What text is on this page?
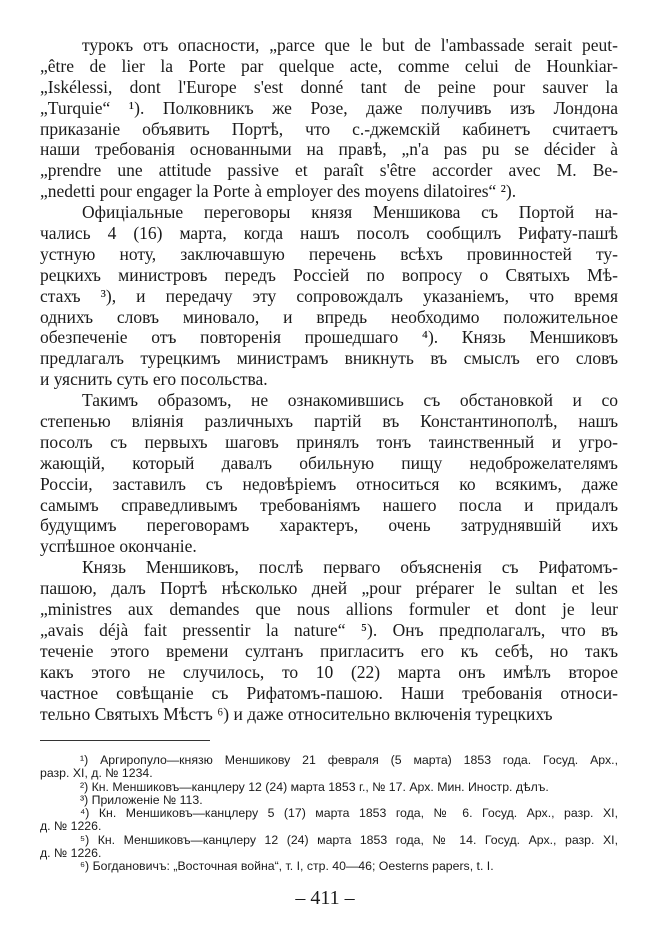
турокъ отъ опасности, „parce que le but de l'ambassade serait peut-
„être de lier la Porte par quelque acte, comme celui de Hounkiar-
„Iskélessi, dont l'Europe s'est donné tant de peine pour sauver la
„Turquie“ ¹). Полковникъ же Розе, даже получивъ изъ Лондона
приказаніе объявить Портѣ, что с.-джемскій кабинетъ считаетъ
наши требованія основанными на правѣ, „n'a pas pu se décider à
„prendre une attitude passive et paraît s'être accorder avec M. Be-
„nedetti pour engager la Porte à employer des moyens dilatoires“ ²).
Офиціальные переговоры князя Меншикова съ Портой на-
чались 4 (16) марта, когда нашъ посолъ сообщилъ Рифату-пашѣ
устную ноту, заключавшую перечень всѣхъ провинностей ту-
рецкихъ министровъ передъ Россіей по вопросу о Святыхъ Мѣ-
стахъ ³), и передачу эту сопровождалъ указаніемъ, что время
однихъ словъ миновало, и впредь необходимо положительное
обезпеченіе отъ повторенія прошедшаго ⁴). Князь Меншиковъ
предлагалъ турецкимъ министрамъ вникнуть въ смыслъ его словъ
и уяснить суть его посольства.
Такимъ образомъ, не ознакомившись съ обстановкой и со
степенью вліянія различныхъ партій въ Константинополѣ, нашъ
посолъ съ первыхъ шаговъ принялъ тонъ таинственный и угро-
жающій, который давалъ обильную пищу недоброжелателямъ
Россіи, заставилъ съ недовѣріемъ относиться ко всякимъ, даже
самымъ справедливымъ требованіямъ нашего посла и придалъ
будущимъ переговорамъ характеръ, очень затруднявшій ихъ
успѣшное окончаніе.
Князь Меншиковъ, послѣ перваго объясненія съ Рифатомъ-
пашою, далъ Портѣ нѣсколько дней „pour préparer le sultan et les
„ministres aux demandes que nous allions formuler et dont je leur
„avais déjà fait pressentir la nature“ ⁵). Онъ предполагалъ, что въ
теченіе этого времени султанъ пригласитъ его къ себѣ, но такъ
какъ этого не случилось, то 10 (22) марта онъ имѣлъ второе
частное совѣщаніе съ Рифатомъ-пашою. Наши требованія относи-
тельно Святыхъ Мѣстъ ⁶) и даже относительно включенія турецкихъ
¹) Аргиропуло—князю Меншикову 21 февраля (5 марта) 1853 года. Госуд. Арх.,
разр. XI, д. № 1234.
²) Кн. Меншиковъ—канцлеру 12 (24) марта 1853 г., № 17. Арх. Мин. Иностр. дѣлъ.
³) Приложеніе № 113.
⁴) Кн. Меншиковъ—канцлеру 5 (17) марта 1853 года, № 6. Госуд. Арх., разр. XI,
д. № 1226.
⁵) Кн. Меншиковъ—канцлеру 12 (24) марта 1853 года, № 14. Госуд. Арх., разр. XI,
д. № 1226.
⁶) Богдановичъ: „Восточная война“, т. I, стр. 40—46; Oesterns papers, t. I.
– 411 –
